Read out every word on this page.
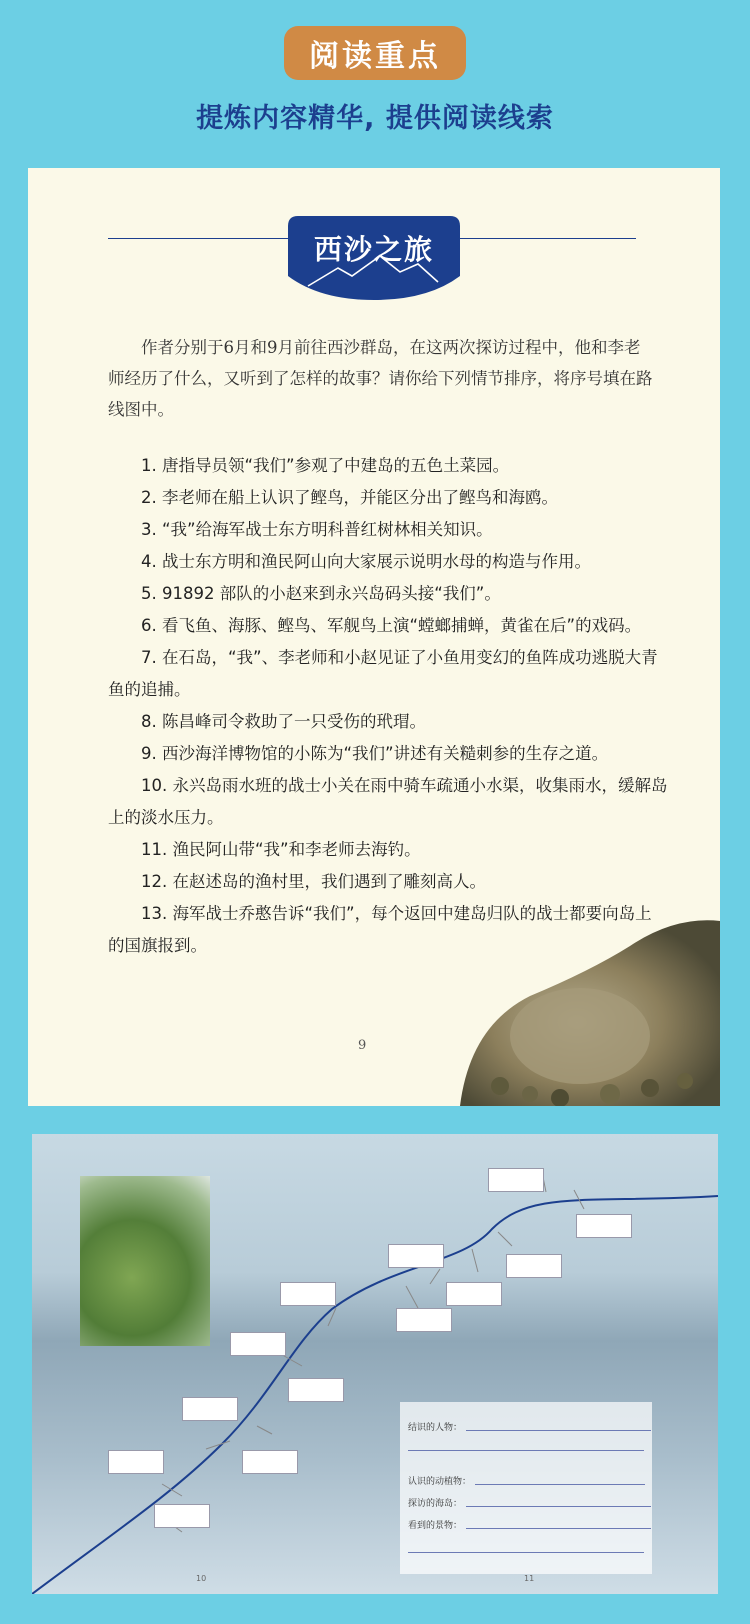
阅读重点
提炼内容精华, 提供阅读线索
西沙之旅

作者分别于6月和9月前往西沙群岛，在这两次探访过程中，他和李老师经历了什么，又听到了怎样的故事？请你给下列情节排序，将序号填在路线图中。

1. 唐指导员领“我们”参观了中建岛的五色土菜园。
2. 李老师在船上认识了鲣鸟，并能区分出了鲣鸟和海鸥。
3. “我”给海军战士东方明科普红树林相关知识。
4. 战士东方明和渔民阿山向大家展示说明水母的构造与作用。
5. 91892 部队的小赵来到永兴岛码头接“我们”。
6. 看飞鱼、海豚、鲣鸟、军舰鸟上演“螳螂捕蝉，黄雀在后”的戏码。
7. 在石岛，“我”、李老师和小赵见证了小鱼用变幻的鱼阵成功逃脱大青鱼的追捕。
8. 陈昌峰司令救助了一只受伤的玳瑁。
9. 西沙海洋博物馆的小陈为“我们”讲述有关糙刺参的生存之道。
10. 永兴岛雨水班的战士小关在雨中骑车疏通小水渠，收集雨水，缓解岛上的淡水压力。
11. 渔民阿山带“我”和李老师去海钓。
12. 在赵述岛的渔村里，我们遇到了雕刻高人。
13. 海军战士乔憨告诉“我们”，每个返回中建岛归队的战士都要向岛上的国旗报到。
9
结识的人物：
认识的动植物：
探访的海岛：
看到的景物：
10	11
